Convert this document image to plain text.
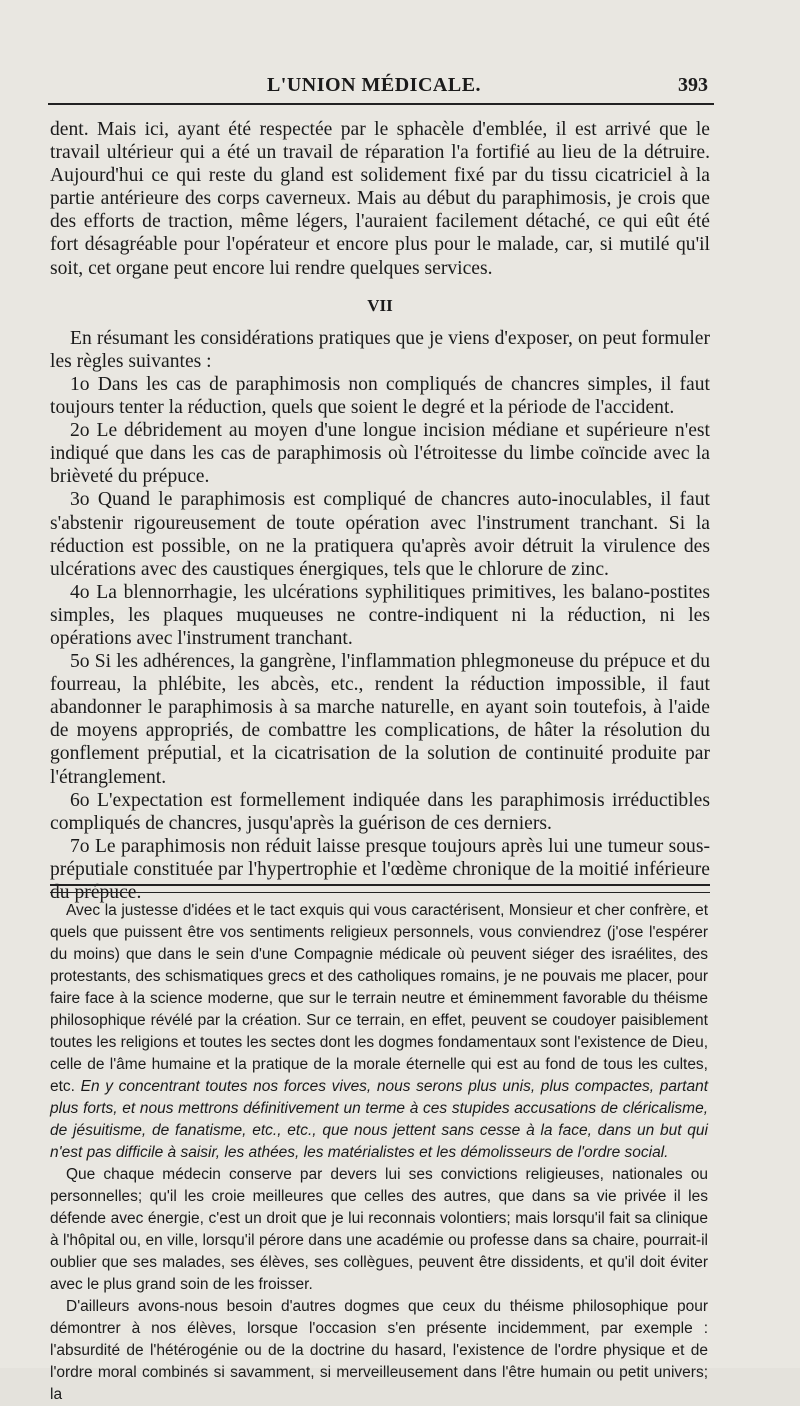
L'UNION MÉDICALE.	393

dent. Mais ici, ayant été respectée par le sphacèle d'emblée, il est arrivé que le travail ultérieur qui a été un travail de réparation l'a fortifié au lieu de la détruire. Aujourd'hui ce qui reste du gland est solidement fixé par du tissu cicatriciel à la partie antérieure des corps caverneux. Mais au début du paraphimosis, je crois que des efforts de traction, même légers, l'auraient facilement détaché, ce qui eût été fort désagréable pour l'opérateur et encore plus pour le malade, car, si mutilé qu'il soit, cet organe peut encore lui rendre quelques services.

VII

En résumant les considérations pratiques que je viens d'exposer, on peut formuler les règles suivantes :

1o Dans les cas de paraphimosis non compliqués de chancres simples, il faut toujours tenter la réduction, quels que soient le degré et la période de l'accident.

2o Le débridement au moyen d'une longue incision médiane et supérieure n'est indiqué que dans les cas de paraphimosis où l'étroitesse du limbe coïncide avec la brièveté du prépuce.

3o Quand le paraphimosis est compliqué de chancres auto-inoculables, il faut s'abstenir rigoureusement de toute opération avec l'instrument tranchant. Si la réduction est possible, on ne la pratiquera qu'après avoir détruit la virulence des ulcérations avec des caustiques énergiques, tels que le chlorure de zinc.

4o La blennorrhagie, les ulcérations syphilitiques primitives, les balano-postites simples, les plaques muqueuses ne contre-indiquent ni la réduction, ni les opérations avec l'instrument tranchant.

5o Si les adhérences, la gangrène, l'inflammation phlegmoneuse du prépuce et du fourreau, la phlébite, les abcès, etc., rendent la réduction impossible, il faut abandonner le paraphimosis à sa marche naturelle, en ayant soin toutefois, à l'aide de moyens appropriés, de combattre les complications, de hâter la résolution du gonflement préputial, et la cicatrisation de la solution de continuité produite par l'étranglement.

6o L'expectation est formellement indiquée dans les paraphimosis irréductibles compliqués de chancres, jusqu'après la guérison de ces derniers.

7o Le paraphimosis non réduit laisse presque toujours après lui une tumeur sous-préputiale constituée par l'hypertrophie et l'œdème chronique de la moitié inférieure du prépuce.

Avec la justesse d'idées et le tact exquis qui vous caractérisent, Monsieur et cher confrère, et quels que puissent être vos sentiments religieux personnels, vous conviendrez (j'ose l'espérer du moins) que dans le sein d'une Compagnie médicale où peuvent siéger des israélites, des protestants, des schismatiques grecs et des catholiques romains, je ne pouvais me placer, pour faire face à la science moderne, que sur le terrain neutre et éminemment favorable du théisme philosophique révélé par la création. Sur ce terrain, en effet, peuvent se coudoyer paisiblement toutes les religions et toutes les sectes dont les dogmes fondamentaux sont l'existence de Dieu, celle de l'âme humaine et la pratique de la morale éternelle qui est au fond de tous les cultes, etc. En y concentrant toutes nos forces vives, nous serons plus unis, plus compactes, partant plus forts, et nous mettrons définitivement un terme à ces stupides accusations de cléricalisme, de jésuitisme, de fanatisme, etc., etc., que nous jettent sans cesse à la face, dans un but qui n'est pas difficile à saisir, les athées, les matérialistes et les démolisseurs de l'ordre social.

Que chaque médecin conserve par devers lui ses convictions religieuses, nationales ou personnelles; qu'il les croie meilleures que celles des autres, que dans sa vie privée il les défende avec énergie, c'est un droit que je lui reconnais volontiers; mais lorsqu'il fait sa clinique à l'hôpital ou, en ville, lorsqu'il pérore dans une académie ou professe dans sa chaire, pourrait-il oublier que ses malades, ses élèves, ses collègues, peuvent être dissidents, et qu'il doit éviter avec le plus grand soin de les froisser.

D'ailleurs avons-nous besoin d'autres dogmes que ceux du théisme philosophique pour démontrer à nos élèves, lorsque l'occasion s'en présente incidemment, par exemple : l'absurdité de l'hétérogénie ou de la doctrine du hasard, l'existence de l'ordre physique et de l'ordre moral combinés si savamment, si merveilleusement dans l'être humain ou petit univers; la
